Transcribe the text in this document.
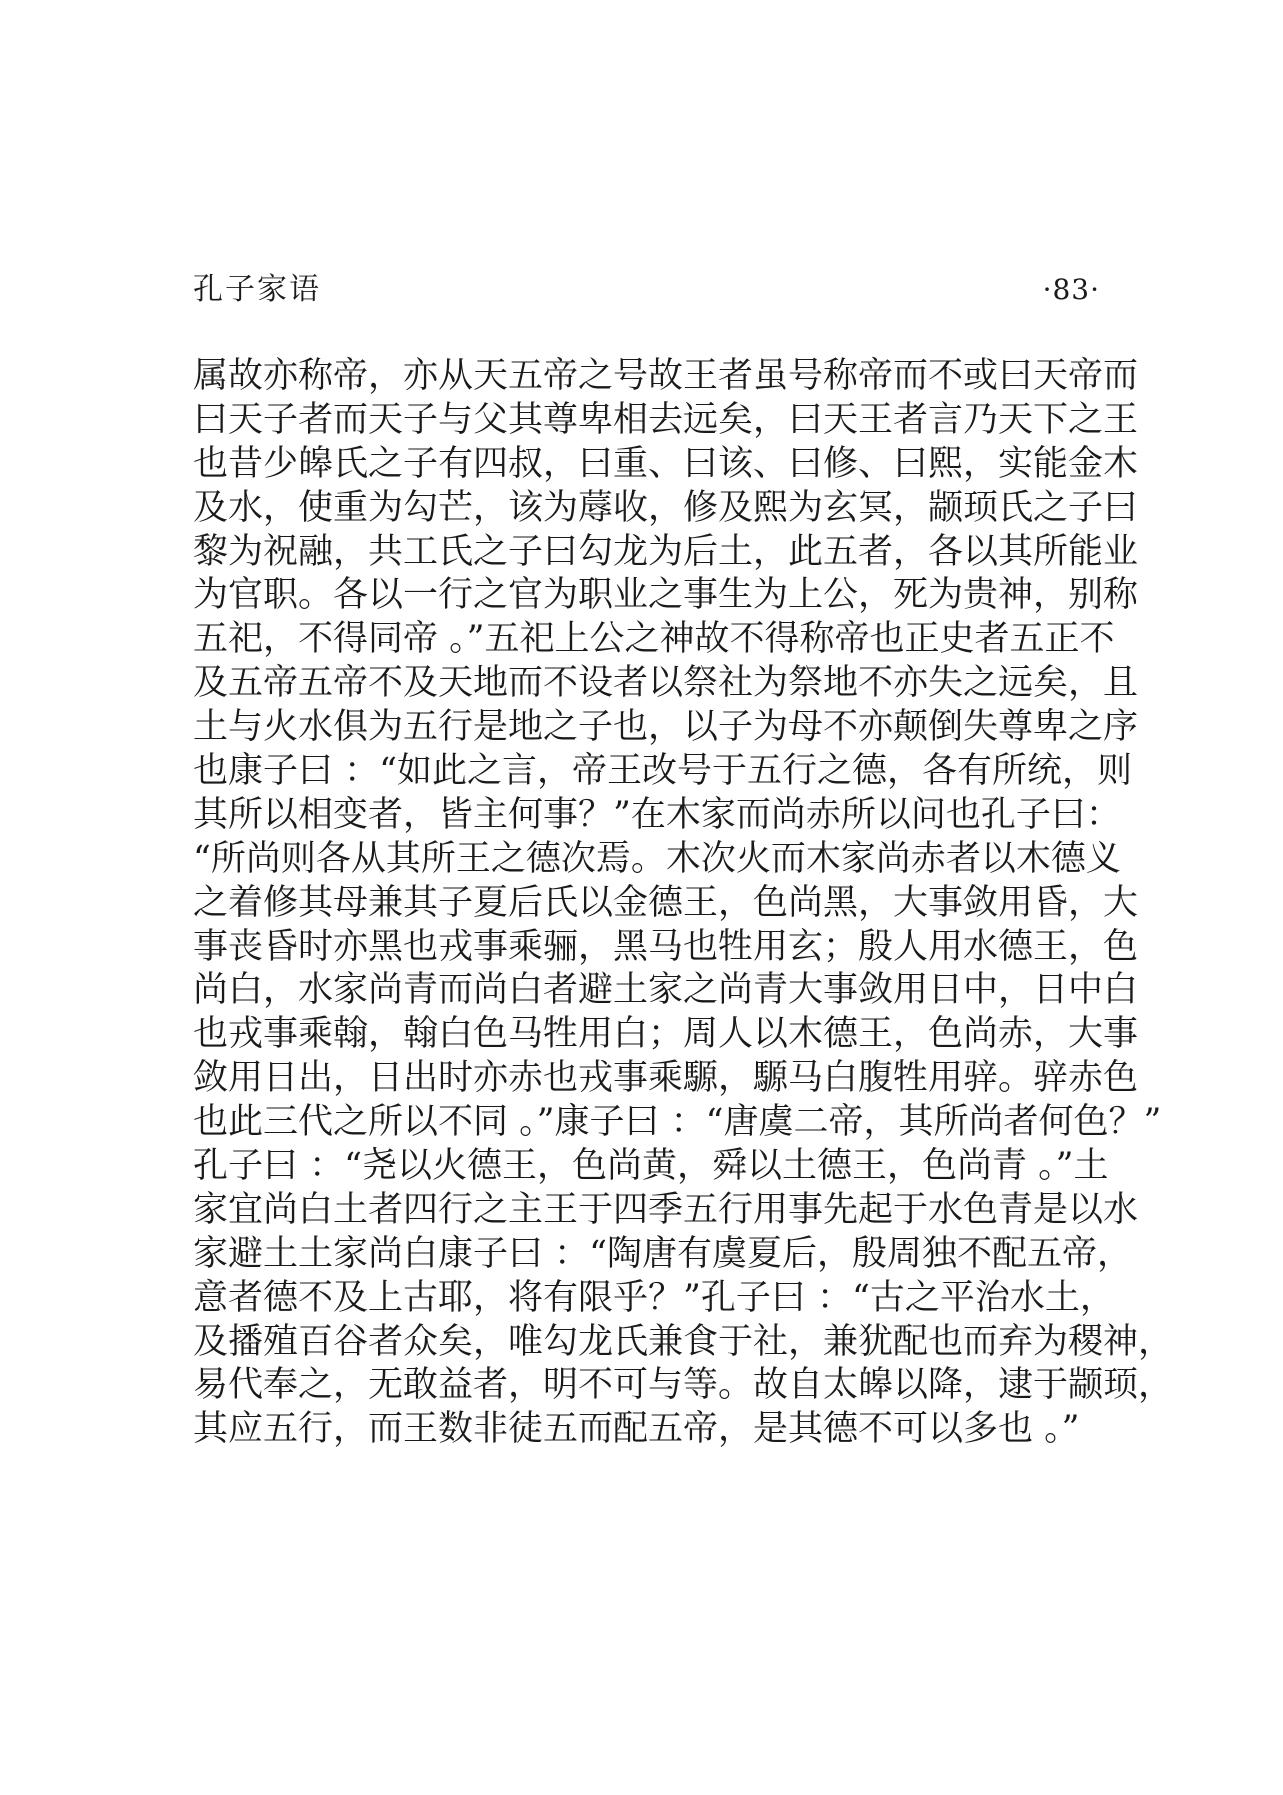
孔子家语	·83·
属故亦称帝，亦从天五帝之号故王者虽号称帝而不或曰天帝而
曰天子者而天子与父其尊卑相去远矣，曰天王者言乃天下之王
也昔少皞氏之子有四叔，曰重、曰该、曰修、曰熙，实能金木
及水，使重为勾芒，该为蓐收，修及熙为玄冥，颛顼氏之子曰
黎为祝融，共工氏之子曰勾龙为后土，此五者，各以其所能业
为官职。各以一行之官为职业之事生为上公，死为贵神，别称
五祀，不得同帝 。”五祀上公之神故不得称帝也正史者五正不
及五帝五帝不及天地而不设者以祭社为祭地不亦失之远矣，且
土与火水俱为五行是地之子也，以子为母不亦颠倒失尊卑之序
也康子曰 ：“如此之言，帝王改号于五行之德，各有所统，则
其所以相变者，皆主何事？”在木家而尚赤所以问也孔子曰：
“所尚则各从其所王之德次焉。木次火而木家尚赤者以木德义
之着修其母兼其子夏后氏以金德王，色尚黑，大事敛用昏，大
事丧昏时亦黑也戎事乘骊，黑马也牲用玄；殷人用水德王，色
尚白，水家尚青而尚白者避土家之尚青大事敛用日中，日中白
也戎事乘翰，翰白色马牲用白；周人以木德王，色尚赤，大事
敛用日出，日出时亦赤也戎事乘騵，騵马白腹牲用骍。骍赤色
也此三代之所以不同 。”康子曰 ：“唐虞二帝，其所尚者何色？”
孔子曰 ：“尧以火德王，色尚黄，舜以土德王，色尚青 。”土
家宜尚白土者四行之主王于四季五行用事先起于水色青是以水
家避土土家尚白康子曰 ：“陶唐有虞夏后，殷周独不配五帝，
意者德不及上古耶，将有限乎？”孔子曰 ：“古之平治水土，
及播殖百谷者众矣，唯勾龙氏兼食于社，兼犹配也而弃为稷神，
易代奉之，无敢益者，明不可与等。故自太皞以降，逮于颛顼，
其应五行，而王数非徒五而配五帝，是其德不可以多也 。”
